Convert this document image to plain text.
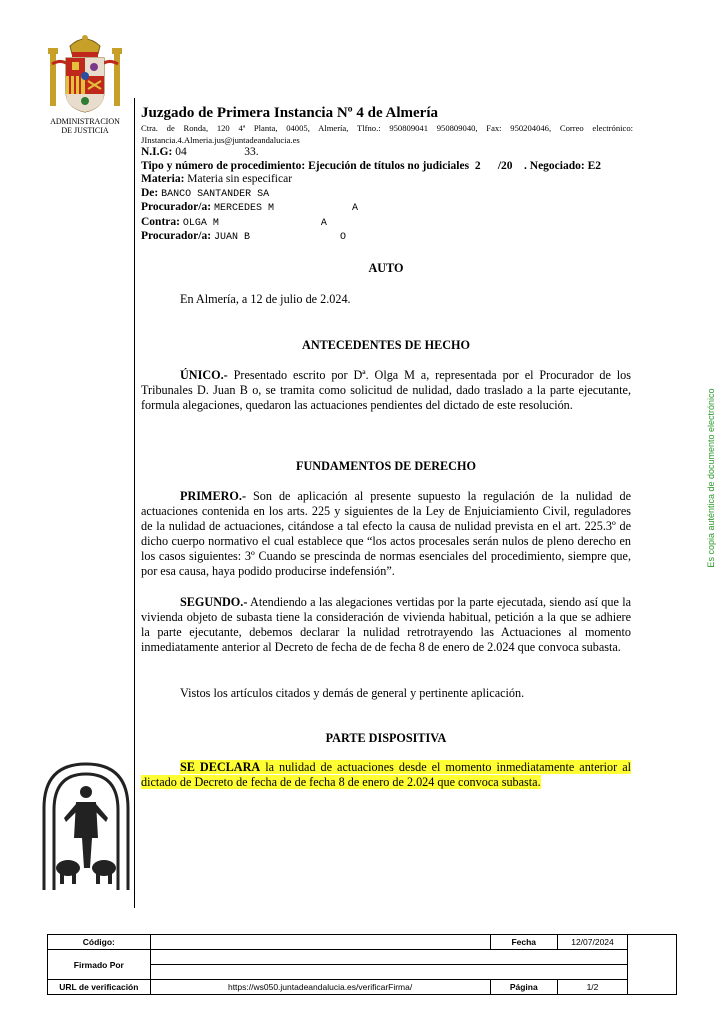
ADMINISTRACION
DE JUSTICIA
Juzgado de Primera Instancia Nº 4 de Almería
Ctra. de Ronda, 120 4ª Planta, 04005, Almería, Tlfno.: 950809041 950809040, Fax: 950204046, Correo electrónico: JInstancia.4.Almeria.jus@juntadeandalucia.es
N.I.G: 04                    33.
Tipo y número de procedimiento: Ejecución de títulos no judiciales  2      /20    . Negociado: E2
Materia: Materia sin especificar
De: BANCO SANTANDER SA
Procurador/a: MERCEDES M             A
Contra: OLGA M                 A
Procurador/a: JUAN B               O
AUTO
En Almería, a 12 de julio de 2.024.
ANTECEDENTES DE HECHO
ÚNICO.- Presentado escrito por Dª. Olga M a, representada por el Procurador de los Tribunales D. Juan B o, se tramita como solicitud de nulidad, dado traslado a la parte ejecutante, formula alegaciones, quedaron las actuaciones pendientes del dictado de este resolución.
FUNDAMENTOS DE DERECHO
PRIMERO.- Son de aplicación al presente supuesto la regulación de la nulidad de actuaciones contenida en los arts. 225 y siguientes de la Ley de Enjuiciamiento Civil, reguladores de la nulidad de actuaciones, citándose a tal efecto la causa de nulidad prevista en el art. 225.3º de dicho cuerpo normativo el cual establece que “los actos procesales serán nulos de pleno derecho en los casos siguientes: 3º Cuando se prescinda de normas esenciales del procedimiento, siempre que, por esa causa, haya podido producirse indefensión”.
SEGUNDO.- Atendiendo a las alegaciones vertidas por la parte ejecutada, siendo así que la vivienda objeto de subasta tiene la consideración de vivienda habitual, petición a la que se adhiere la parte ejecutante, debemos declarar la nulidad retrotrayendo las Actuaciones al momento inmediatamente anterior al Decreto de fecha de de fecha 8 de enero de 2.024 que convoca subasta.
Vistos los artículos citados y demás de general y pertinente aplicación.
PARTE DISPOSITIVA
SE DECLARA la nulidad de actuaciones desde el momento inmediatamente anterior al dictado de Decreto de fecha de de fecha 8 de enero de 2.024 que convoca subasta.
Es copia auténtica de documento electrónico
Código:		Fecha	12/07/2024	
Firmado Por				

URL de verificación	https://ws050.juntadeandalucia.es/verificarFirma/	Página	1/2	
